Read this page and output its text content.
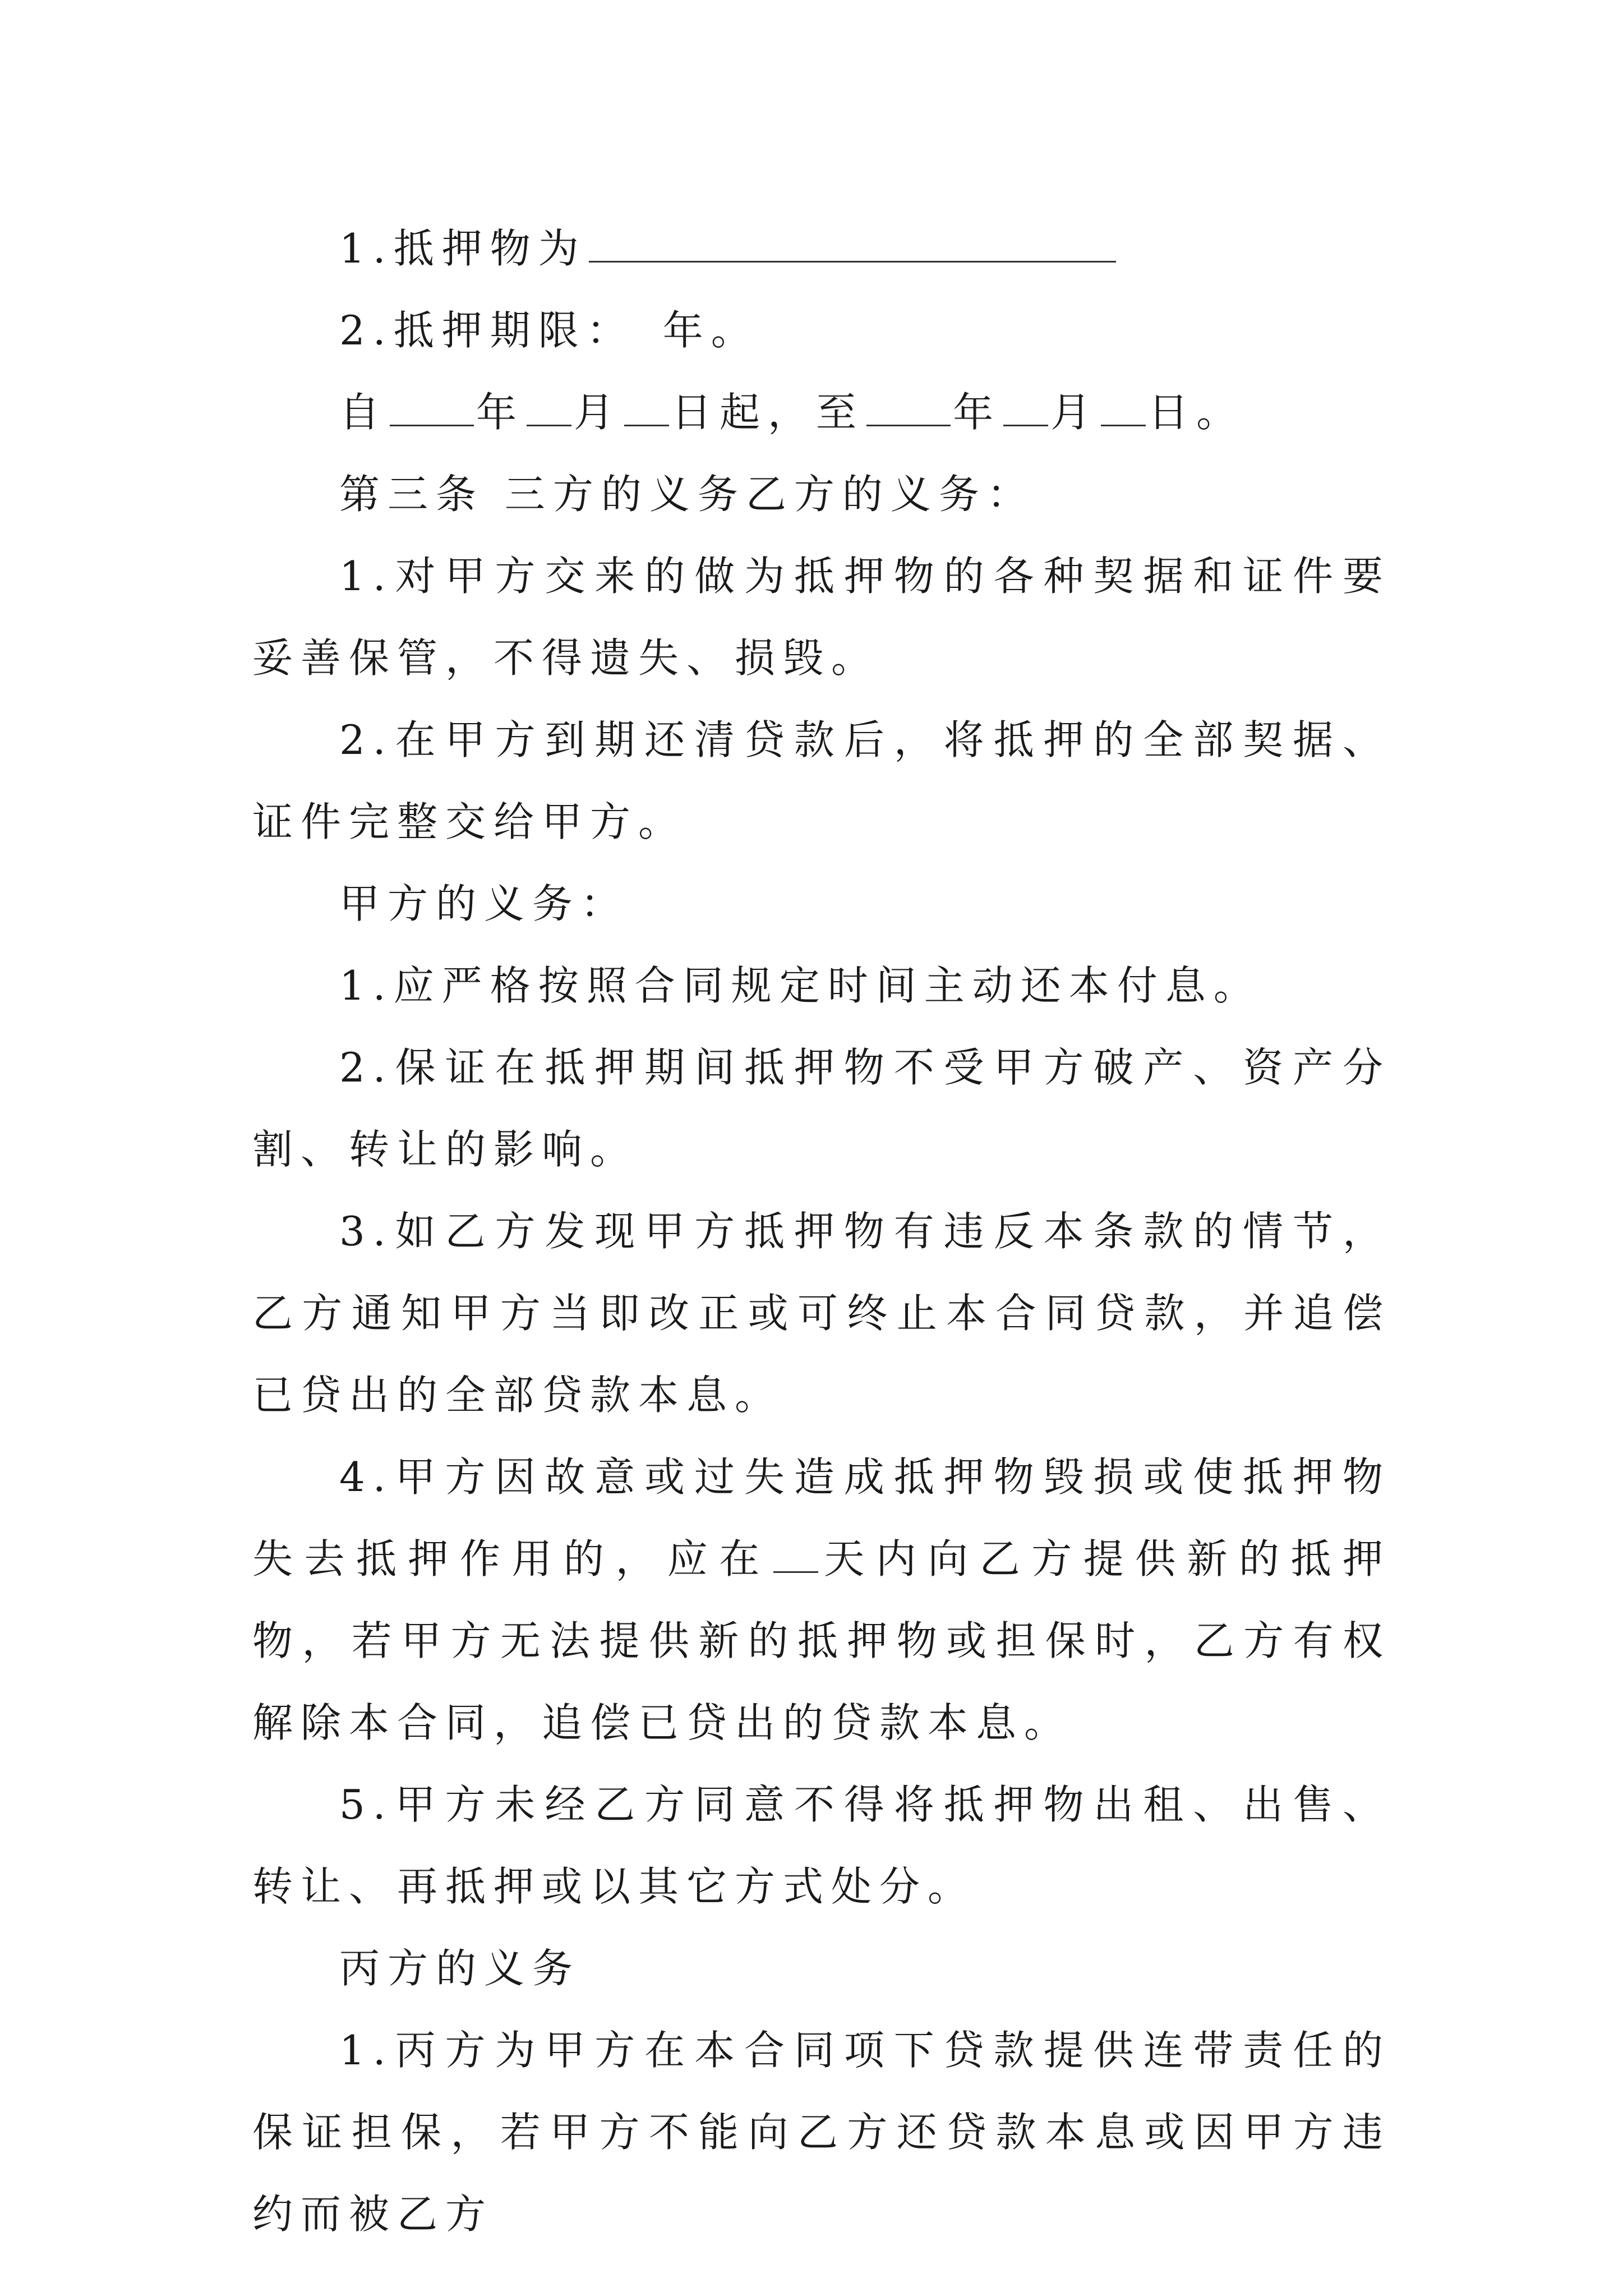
1.抵押物为

2.抵押期限：　年。

自 年 月 日起，至 年 月 日。

第三条 三方的义务乙方的义务：

1.对甲方交来的做为抵押物的各种契据和证件要妥善保管，不得遗失、损毁。

2.在甲方到期还清贷款后，将抵押的全部契据、证件完整交给甲方。

甲方的义务：

1.应严格按照合同规定时间主动还本付息。

2.保证在抵押期间抵押物不受甲方破产、资产分割、转让的影响。

3.如乙方发现甲方抵押物有违反本条款的情节，乙方通知甲方当即改正或可终止本合同贷款，并追偿已贷出的全部贷款本息。

4.甲方因故意或过失造成抵押物毁损或使抵押物失去抵押作用的，应在 天内向乙方提供新的抵押物，若甲方无法提供新的抵押物或担保时，乙方有权解除本合同，追偿已贷出的贷款本息。

5.甲方未经乙方同意不得将抵押物出租、出售、转让、再抵押或以其它方式处分。

丙方的义务

1.丙方为甲方在本合同项下贷款提供连带责任的保证担保，若甲方不能向乙方还贷款本息或因甲方违约而被乙方
